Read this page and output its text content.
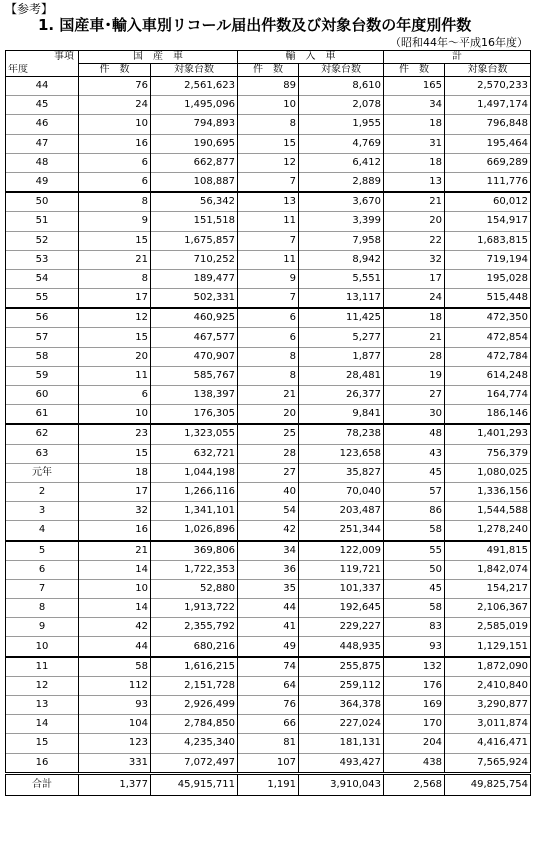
【参考】
1. 国産車･輸入車別リコール届出件数及び対象台数の年度別件数
（昭和44年～平成16年度）
事項	国　産　車		輸　入　車		計	
年度	件　数	対象台数	件　数	対象台数	件　数	対象台数
44	76	2,561,623	89	8,610	165	2,570,233
45	24	1,495,096	10	2,078	34	1,497,174
46	10	794,893	8	1,955	18	796,848
47	16	190,695	15	4,769	31	195,464
48	6	662,877	12	6,412	18	669,289
49	6	108,887	7	2,889	13	111,776
50	8	56,342	13	3,670	21	60,012
51	9	151,518	11	3,399	20	154,917
52	15	1,675,857	7	7,958	22	1,683,815
53	21	710,252	11	8,942	32	719,194
54	8	189,477	9	5,551	17	195,028
55	17	502,331	7	13,117	24	515,448
56	12	460,925	6	11,425	18	472,350
57	15	467,577	6	5,277	21	472,854
58	20	470,907	8	1,877	28	472,784
59	11	585,767	8	28,481	19	614,248
60	6	138,397	21	26,377	27	164,774
61	10	176,305	20	9,841	30	186,146
62	23	1,323,055	25	78,238	48	1,401,293
63	15	632,721	28	123,658	43	756,379
元年	18	1,044,198	27	35,827	45	1,080,025
2	17	1,266,116	40	70,040	57	1,336,156
3	32	1,341,101	54	203,487	86	1,544,588
4	16	1,026,896	42	251,344	58	1,278,240
5	21	369,806	34	122,009	55	491,815
6	14	1,722,353	36	119,721	50	1,842,074
7	10	52,880	35	101,337	45	154,217
8	14	1,913,722	44	192,645	58	2,106,367
9	42	2,355,792	41	229,227	83	2,585,019
10	44	680,216	49	448,935	93	1,129,151
11	58	1,616,215	74	255,875	132	1,872,090
12	112	2,151,728	64	259,112	176	2,410,840
13	93	2,926,499	76	364,378	169	3,290,877
14	104	2,784,850	66	227,024	170	3,011,874
15	123	4,235,340	81	181,131	204	4,416,471
16	331	7,072,497	107	493,427	438	7,565,924
合計	1,377	45,915,711	1,191	3,910,043	2,568	49,825,754
